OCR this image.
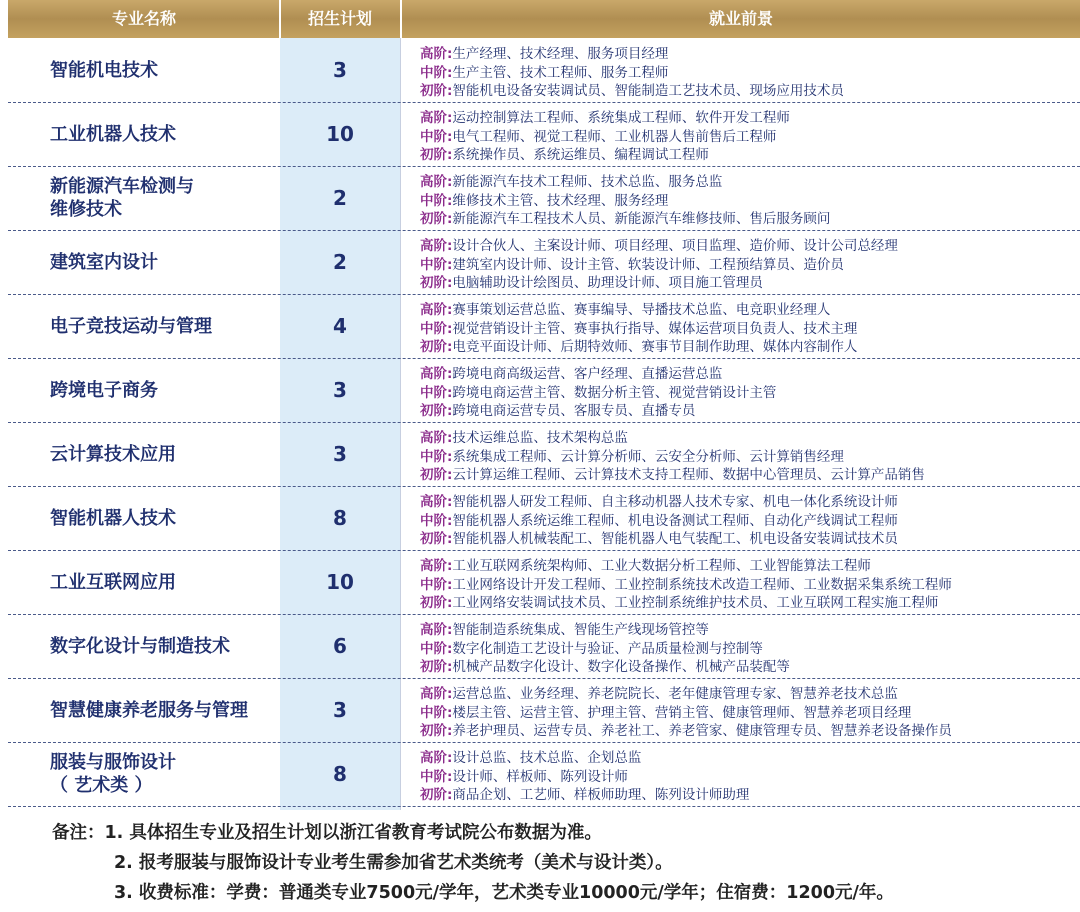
专业名称	招生计划	就业前景
智能机电技术	3
高阶:生产经理、技术经理、服务项目经理
中阶:生产主管、技术工程师、服务工程师
初阶:智能机电设备安装调试员、智能制造工艺技术员、现场应用技术员
工业机器人技术	10
高阶:运动控制算法工程师、系统集成工程师、软件开发工程师
中阶:电气工程师、视觉工程师、工业机器人售前售后工程师
初阶:系统操作员、系统运维员、编程调试工程师
新能源汽车检测与
维修技术	2
高阶:新能源汽车技术工程师、技术总监、服务总监
中阶:维修技术主管、技术经理、服务经理
初阶:新能源汽车工程技术人员、新能源汽车维修技师、售后服务顾问
建筑室内设计	2
高阶:设计合伙人、主案设计师、项目经理、项目监理、造价师、设计公司总经理
中阶:建筑室内设计师、设计主管、软装设计师、工程预结算员、造价员
初阶:电脑辅助设计绘图员、助理设计师、项目施工管理员
电子竞技运动与管理	4
高阶:赛事策划运营总监、赛事编导、导播技术总监、电竞职业经理人
中阶:视觉营销设计主管、赛事执行指导、媒体运营项目负责人、技术主理
初阶:电竞平面设计师、后期特效师、赛事节目制作助理、媒体内容制作人
跨境电子商务	3
高阶:跨境电商高级运营、客户经理、直播运营总监
中阶:跨境电商运营主管、数据分析主管、视觉营销设计主管
初阶:跨境电商运营专员、客服专员、直播专员
云计算技术应用	3
高阶:技术运维总监、技术架构总监
中阶:系统集成工程师、云计算分析师、云安全分析师、云计算销售经理
初阶:云计算运维工程师、云计算技术支持工程师、数据中心管理员、云计算产品销售
智能机器人技术	8
高阶:智能机器人研发工程师、自主移动机器人技术专家、机电一体化系统设计师
中阶:智能机器人系统运维工程师、机电设备测试工程师、自动化产线调试工程师
初阶:智能机器人机械装配工、智能机器人电气装配工、机电设备安装调试技术员
工业互联网应用	10
高阶:工业互联网系统架构师、工业大数据分析工程师、工业智能算法工程师
中阶:工业网络设计开发工程师、工业控制系统技术改造工程师、工业数据采集系统工程师
初阶:工业网络安装调试技术员、工业控制系统维护技术员、工业互联网工程实施工程师
数字化设计与制造技术	6
高阶:智能制造系统集成、智能生产线现场管控等
中阶:数字化制造工艺设计与验证、产品质量检测与控制等
初阶:机械产品数字化设计、数字化设备操作、机械产品装配等
智慧健康养老服务与管理	3
高阶:运营总监、业务经理、养老院院长、老年健康管理专家、智慧养老技术总监
中阶:楼层主管、运营主管、护理主管、营销主管、健康管理师、智慧养老项目经理
初阶:养老护理员、运营专员、养老社工、养老管家、健康管理专员、智慧养老设备操作员
服装与服饰设计
（ 艺术类 ）	8
高阶:设计总监、技术总监、企划总监
中阶:设计师、样板师、陈列设计师
初阶:商品企划、工艺师、样板师助理、陈列设计师助理
备注：1. 具体招生专业及招生计划以浙江省教育考试院公布数据为准。
2. 报考服装与服饰设计专业考生需参加省艺术类统考（美术与设计类）。
3. 收费标准：学费：普通类专业7500元/学年，艺术类专业10000元/学年；住宿费：1200元/年。
